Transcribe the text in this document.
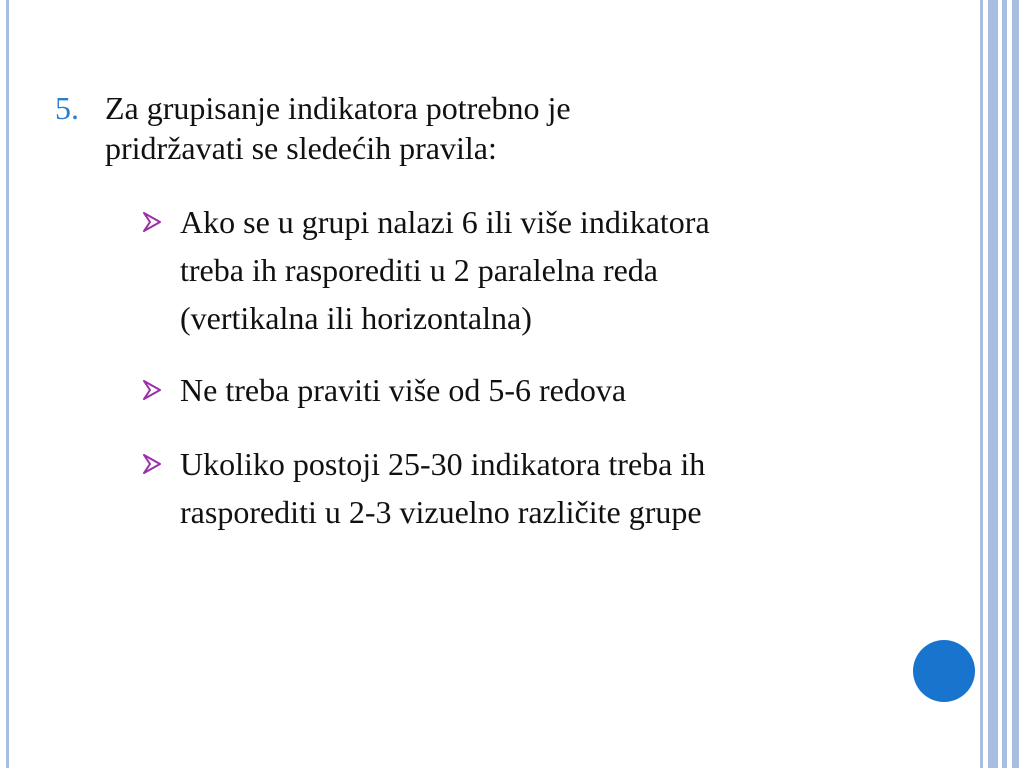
5. Za grupisanje indikatora potrebno je
pridržavati se sledećih pravila:
Ako se u grupi nalazi 6 ili više indikatora
treba ih rasporediti u 2 paralelna reda
(vertikalna ili horizontalna)
Ne treba praviti više od 5-6 redova
Ukoliko postoji 25-30 indikatora treba ih
rasporediti u 2-3 vizuelno različite grupe
